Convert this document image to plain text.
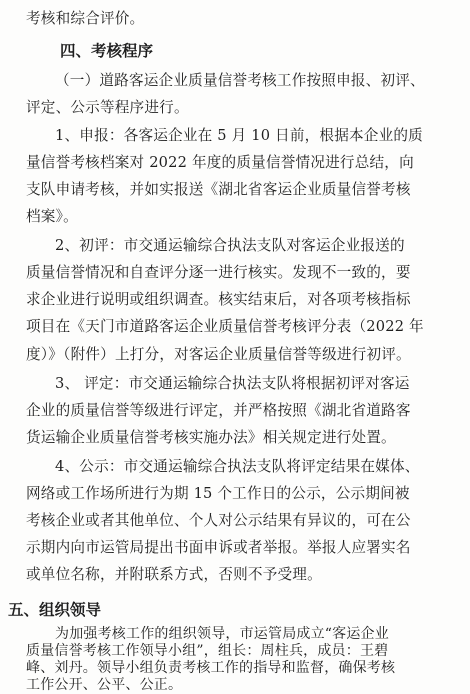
考核和综合评价。
四、考核程序
（一）道路客运企业质量信誉考核工作按照申报、初评、
评定、公示等程序进行。
1、申报：各客运企业在 5 月 10 日前，根据本企业的质
量信誉考核档案对 2022 年度的质量信誉情况进行总结，向
支队申请考核，并如实报送《湖北省客运企业质量信誉考核
档案》。
2、初评：市交通运输综合执法支队对客运企业报送的
质量信誉情况和自查评分逐一进行核实。发现不一致的，要
求企业进行说明或组织调查。核实结束后，对各项考核指标
项目在《天门市道路客运企业质量信誉考核评分表（2022 年
度）》（附件）上打分，对客运企业质量信誉等级进行初评。
3、 评定：市交通运输综合执法支队将根据初评对客运
企业的质量信誉等级进行评定，并严格按照《湖北省道路客
货运输企业质量信誉考核实施办法》相关规定进行处置。
4、公示：市交通运输综合执法支队将评定结果在媒体、
网络或工作场所进行为期 15 个工作日的公示，公示期间被
考核企业或者其他单位、个人对公示结果有异议的，可在公
示期内向市运管局提出书面申诉或者举报。举报人应署实名
或单位名称，并附联系方式，否则不予受理。
五、组织领导
为加强考核工作的组织领导，市运管局成立“客运企业
质量信誉考核工作领导小组”，组长：周柱兵，成员：王碧
峰、刘丹。领导小组负责考核工作的指导和监督，确保考核
工作公开、公平、公正。
